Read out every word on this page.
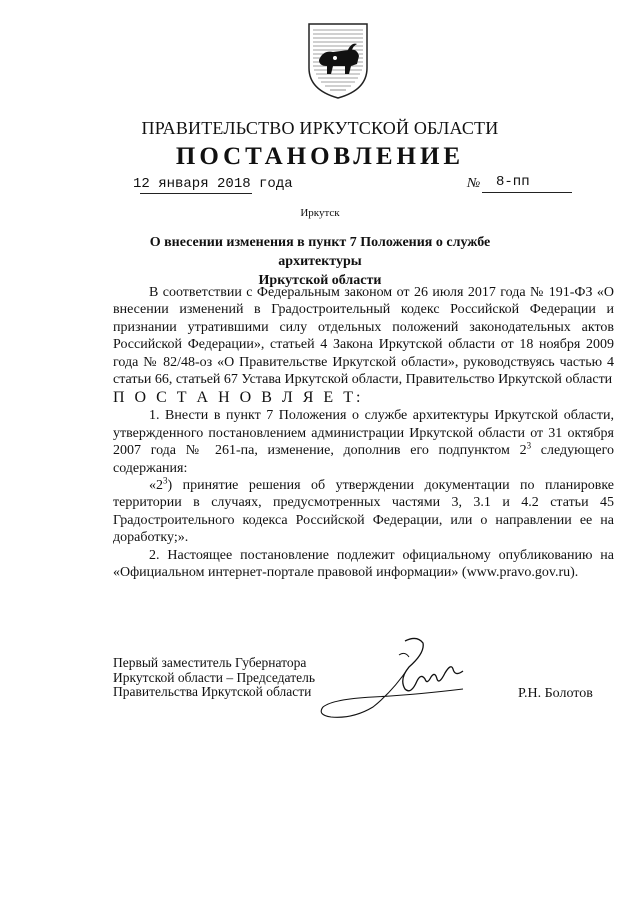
ПРАВИТЕЛЬСТВО ИРКУТСКОЙ ОБЛАСТИ
ПОСТАНОВЛЕНИЕ
12 января 2018 года	№ 8-пп
Иркутск
О внесении изменения в пункт 7 Положения о службе архитектуры
Иркутской области

В соответствии с Федеральным законом от 26 июля 2017 года № 191-ФЗ «О внесении изменений в Градостроительный кодекс Российской Федерации и признании утратившими силу отдельных положений законодательных актов Российской Федерации», статьей 4 Закона Иркутской области от 18 ноября 2009 года № 82/48-оз «О Правительстве Иркутской области», руководствуясь частью 4 статьи 66, статьей 67 Устава Иркутской области, Правительство Иркутской области

П О С Т А Н О В Л Я Е Т:

1. Внести в пункт 7 Положения о службе архитектуры Иркутской области, утвержденного постановлением администрации Иркутской области от 31 октября 2007 года № 261-па, изменение, дополнив его подпунктом $2^3$ следующего содержания:

«$2^3$) принятие решения об утверждении документации по планировке территории в случаях, предусмотренных частями 3, 3.1 и 4.2 статьи 45 Градостроительного кодекса Российской Федерации, или о направлении ее на доработку;».

2. Настоящее постановление подлежит официальному опубликованию на «Официальном интернет-портале правовой информации» (www.pravo.gov.ru).

Первый заместитель Губернатора
Иркутской области – Председатель
Правительства Иркутской области	Р.Н. Болотов
